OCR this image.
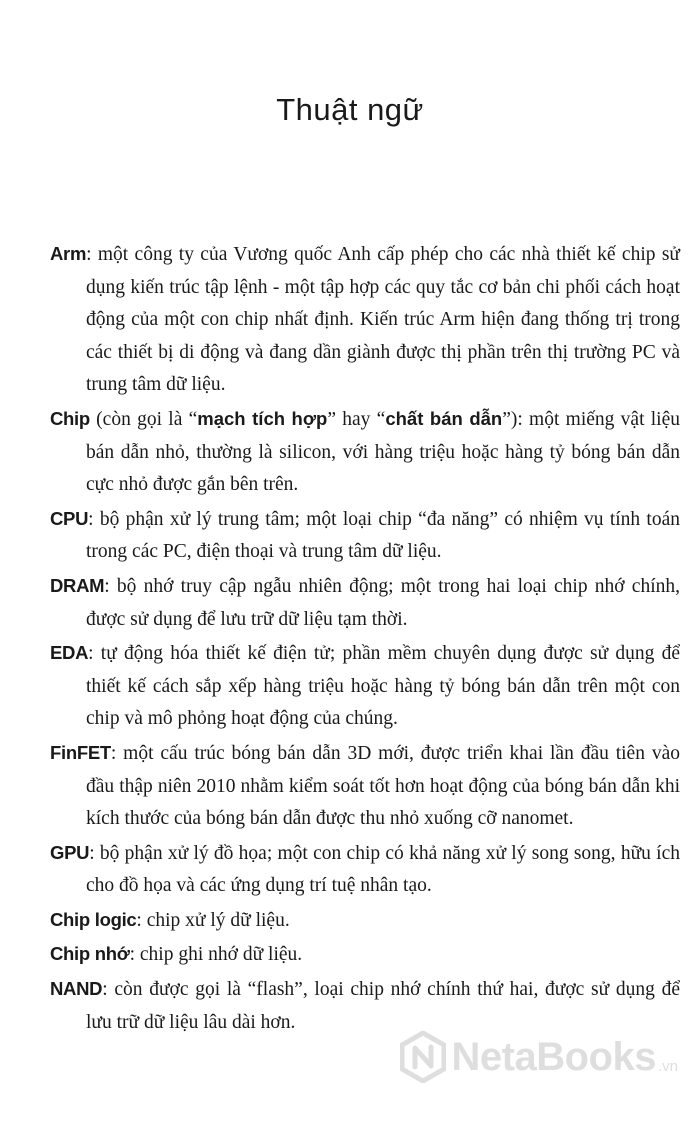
Thuật ngữ

Arm: một công ty của Vương quốc Anh cấp phép cho các nhà thiết kế chip sử dụng kiến trúc tập lệnh - một tập hợp các quy tắc cơ bản chi phối cách hoạt động của một con chip nhất định. Kiến trúc Arm hiện đang thống trị trong các thiết bị di động và đang dần giành được thị phần trên thị trường PC và trung tâm dữ liệu.

Chip (còn gọi là “mạch tích hợp” hay “chất bán dẫn”): một miếng vật liệu bán dẫn nhỏ, thường là silicon, với hàng triệu hoặc hàng tỷ bóng bán dẫn cực nhỏ được gắn bên trên.

CPU: bộ phận xử lý trung tâm; một loại chip “đa năng” có nhiệm vụ tính toán trong các PC, điện thoại và trung tâm dữ liệu.

DRAM: bộ nhớ truy cập ngẫu nhiên động; một trong hai loại chip nhớ chính, được sử dụng để lưu trữ dữ liệu tạm thời.

EDA: tự động hóa thiết kế điện tử; phần mềm chuyên dụng được sử dụng để thiết kế cách sắp xếp hàng triệu hoặc hàng tỷ bóng bán dẫn trên một con chip và mô phỏng hoạt động của chúng.

FinFET: một cấu trúc bóng bán dẫn 3D mới, được triển khai lần đầu tiên vào đầu thập niên 2010 nhằm kiểm soát tốt hơn hoạt động của bóng bán dẫn khi kích thước của bóng bán dẫn được thu nhỏ xuống cỡ nanomet.

GPU: bộ phận xử lý đồ họa; một con chip có khả năng xử lý song song, hữu ích cho đồ họa và các ứng dụng trí tuệ nhân tạo.

Chip logic: chip xử lý dữ liệu.

Chip nhớ: chip ghi nhớ dữ liệu.

NAND: còn được gọi là “flash”, loại chip nhớ chính thứ hai, được sử dụng để lưu trữ dữ liệu lâu dài hơn.

NetaBooks .vn
